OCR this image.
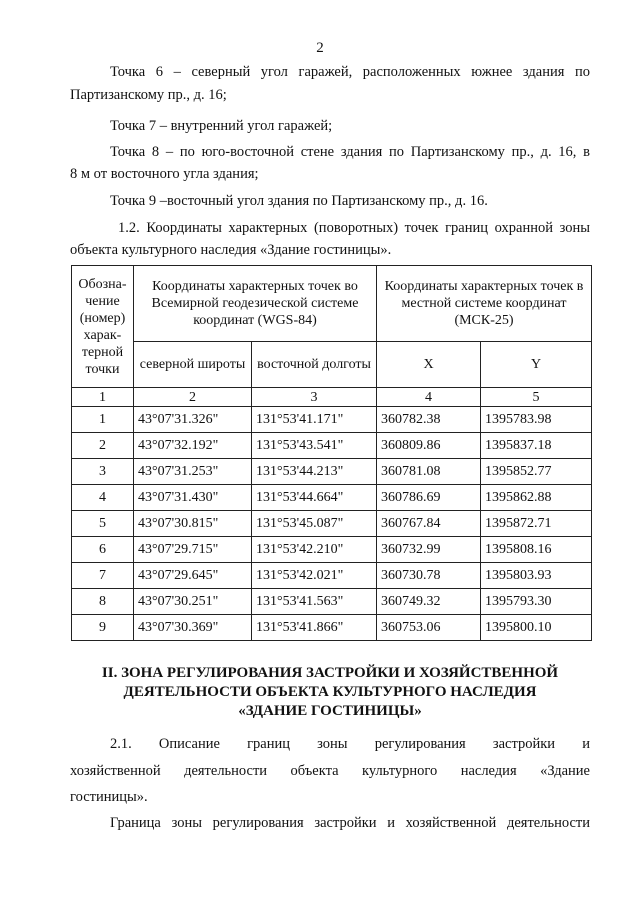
2
Точка 6 – северный угол гаражей, расположенных южнее здания по
Партизанскому пр., д. 16;
Точка 7 – внутренний угол гаражей;
Точка 8 – по юго-восточной стене здания по Партизанскому пр., д. 16, в
8 м от восточного угла здания;
Точка 9 –восточный угол здания по Партизанскому пр., д. 16.
1.2. Координаты характерных (поворотных) точек границ охранной зоны
объекта культурного наследия «Здание гостиницы».
Обозна-чение (номер) харак-терной точки	Координаты характерных точек во Всемирной геодезической системе координат (WGS-84)		Координаты характерных точек в местной системе координат (МСК-25)	
	северной широты	восточной долготы	X	Y
1	2	3	4	5
1	43°07'31.326"	131°53'41.171"	360782.38	1395783.98
2	43°07'32.192"	131°53'43.541"	360809.86	1395837.18
3	43°07'31.253"	131°53'44.213"	360781.08	1395852.77
4	43°07'31.430"	131°53'44.664"	360786.69	1395862.88
5	43°07'30.815"	131°53'45.087"	360767.84	1395872.71
6	43°07'29.715"	131°53'42.210"	360732.99	1395808.16
7	43°07'29.645"	131°53'42.021"	360730.78	1395803.93
8	43°07'30.251"	131°53'41.563"	360749.32	1395793.30
9	43°07'30.369"	131°53'41.866"	360753.06	1395800.10
II. ЗОНА РЕГУЛИРОВАНИЯ ЗАСТРОЙКИ И ХОЗЯЙСТВЕННОЙ
ДЕЯТЕЛЬНОСТИ ОБЪЕКТА КУЛЬТУРНОГО НАСЛЕДИЯ
«ЗДАНИЕ ГОСТИНИЦЫ»
2.1. Описание границ зоны регулирования застройки и
хозяйственной деятельности объекта культурного наследия «Здание
гостиницы».
Граница зоны регулирования застройки и хозяйственной деятельности
